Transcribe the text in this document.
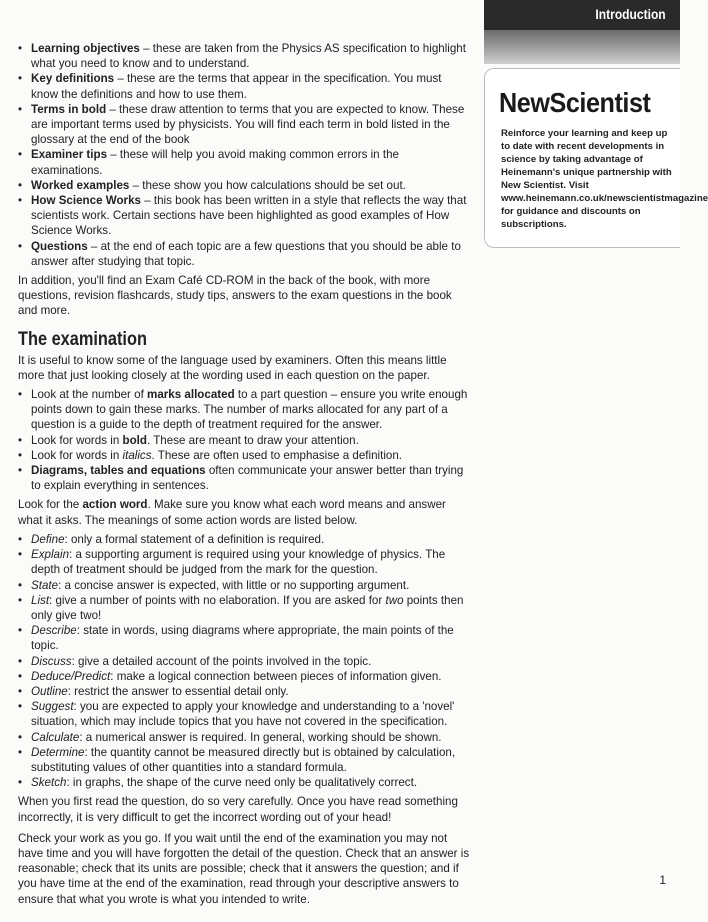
Introduction
NewScientist
Reinforce your learning and keep up to date with recent developments in science by taking advantage of Heinemann's unique partnership with New Scientist. Visit www.heinemann.co.uk/newscientistmagazine for guidance and discounts on subscriptions.
• Learning objectives – these are taken from the Physics AS specification to highlight what you need to know and to understand.
• Key definitions – these are the terms that appear in the specification. You must know the definitions and how to use them.
• Terms in bold – these draw attention to terms that you are expected to know. These are important terms used by physicists. You will find each term in bold listed in the glossary at the end of the book
• Examiner tips – these will help you avoid making common errors in the examinations.
• Worked examples – these show you how calculations should be set out.
• How Science Works – this book has been written in a style that reflects the way that scientists work. Certain sections have been highlighted as good examples of How Science Works.
• Questions – at the end of each topic are a few questions that you should be able to answer after studying that topic.

In addition, you'll find an Exam Café CD-ROM in the back of the book, with more questions, revision flashcards, study tips, answers to the exam questions in the book and more.

The examination

It is useful to know some of the language used by examiners. Often this means little more that just looking closely at the wording used in each question on the paper.

• Look at the number of marks allocated to a part question – ensure you write enough points down to gain these marks. The number of marks allocated for any part of a question is a guide to the depth of treatment required for the answer.
• Look for words in bold. These are meant to draw your attention.
• Look for words in italics. These are often used to emphasise a definition.
• Diagrams, tables and equations often communicate your answer better than trying to explain everything in sentences.

Look for the action word. Make sure you know what each word means and answer what it asks. The meanings of some action words are listed below.

• Define: only a formal statement of a definition is required.
• Explain: a supporting argument is required using your knowledge of physics. The depth of treatment should be judged from the mark for the question.
• State: a concise answer is expected, with little or no supporting argument.
• List: give a number of points with no elaboration. If you are asked for two points then only give two!
• Describe: state in words, using diagrams where appropriate, the main points of the topic.
• Discuss: give a detailed account of the points involved in the topic.
• Deduce/Predict: make a logical connection between pieces of information given.
• Outline: restrict the answer to essential detail only.
• Suggest: you are expected to apply your knowledge and understanding to a 'novel' situation, which may include topics that you have not covered in the specification.
• Calculate: a numerical answer is required. In general, working should be shown.
• Determine: the quantity cannot be measured directly but is obtained by calculation, substituting values of other quantities into a standard formula.
• Sketch: in graphs, the shape of the curve need only be qualitatively correct.

When you first read the question, do so very carefully. Once you have read something incorrectly, it is very difficult to get the incorrect wording out of your head!

Check your work as you go. If you wait until the end of the examination you may not have time and you will have forgotten the detail of the question. Check that an answer is reasonable; check that its units are possible; check that it answers the question; and if you have time at the end of the examination, read through your descriptive answers to ensure that what you wrote is what you intended to write.

1
